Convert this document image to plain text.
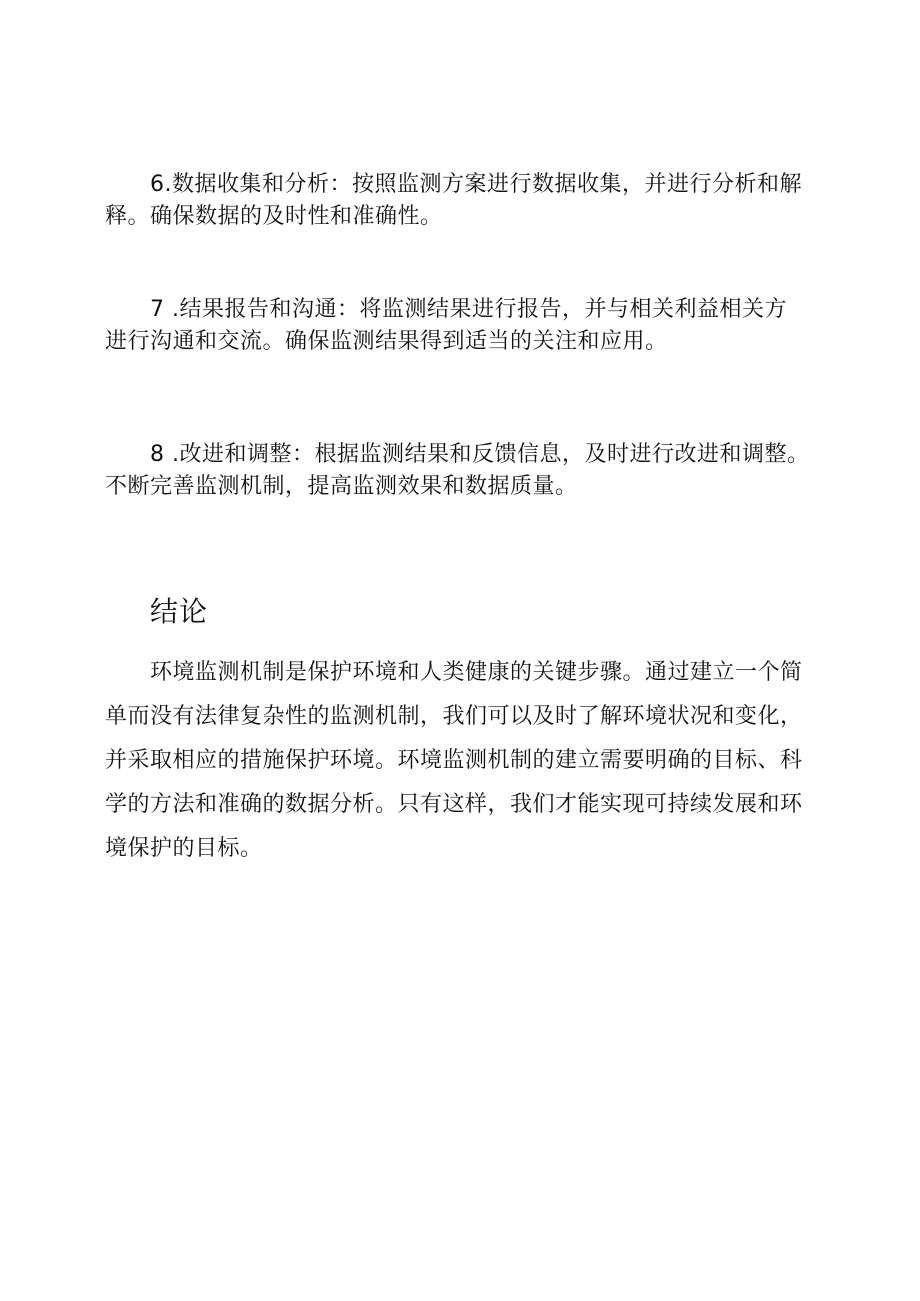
6.数据收集和分析：按照监测方案进行数据收集，并进行分析和解
释。确保数据的及时性和准确性。
7 .结果报告和沟通：将监测结果进行报告，并与相关利益相关方
进行沟通和交流。确保监测结果得到适当的关注和应用。
8 .改进和调整：根据监测结果和反馈信息，及时进行改进和调整。
不断完善监测机制，提高监测效果和数据质量。
结论
环境监测机制是保护环境和人类健康的关键步骤。通过建立一个简
单而没有法律复杂性的监测机制，我们可以及时了解环境状况和变化，
并采取相应的措施保护环境。环境监测机制的建立需要明确的目标、科
学的方法和准确的数据分析。只有这样，我们才能实现可持续发展和环
境保护的目标。
